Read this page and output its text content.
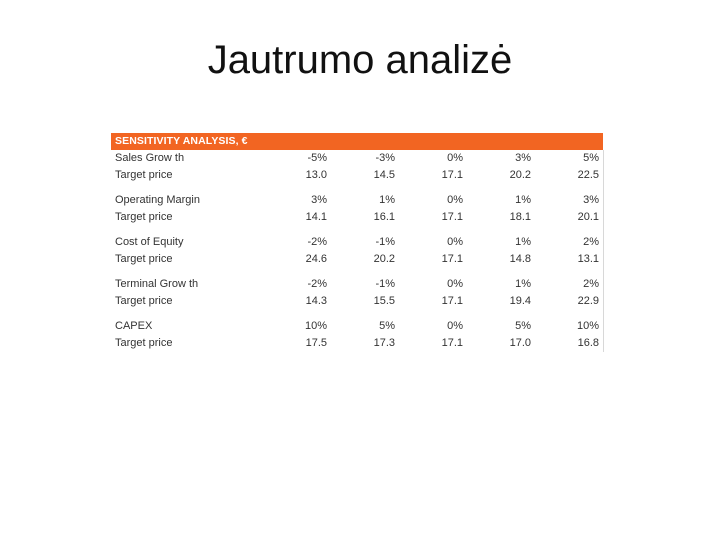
Jautrumo analizė
SENSITIVITY ANALYSIS, €
Sales Grow th	-5%	-3%	0%	3%	5%
Target price	13.0	14.5	17.1	20.2	22.5
Operating Margin	3%	1%	0%	1%	3%
Target price	14.1	16.1	17.1	18.1	20.1
Cost of Equity	-2%	-1%	0%	1%	2%
Target price	24.6	20.2	17.1	14.8	13.1
Terminal Grow th	-2%	-1%	0%	1%	2%
Target price	14.3	15.5	17.1	19.4	22.9
CAPEX	10%	5%	0%	5%	10%
Target price	17.5	17.3	17.1	17.0	16.8
